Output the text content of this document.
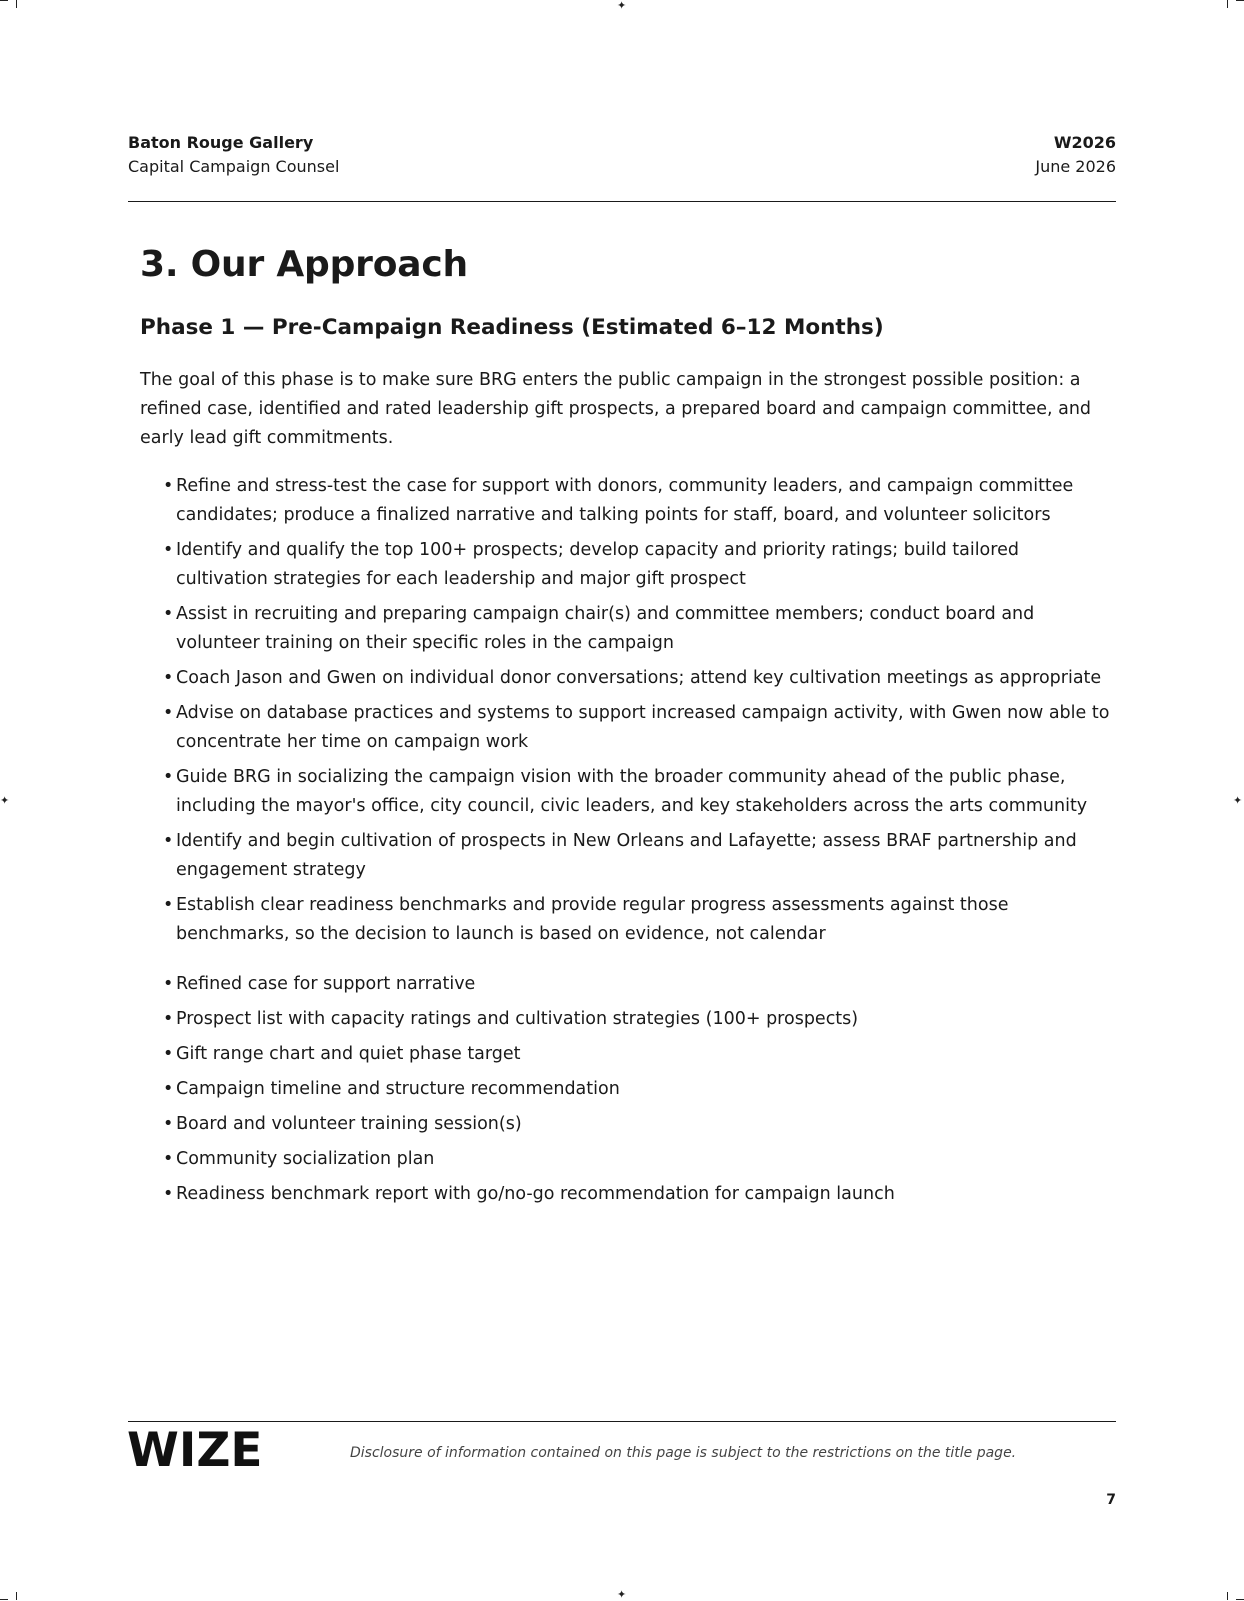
✦
✦
✦	✦
Baton Rouge Gallery
Capital Campaign Counsel
W2026
June 2026
3. Our Approach
Phase 1 — Pre-Campaign Readiness (Estimated 6–12 Months)

The goal of this phase is to make sure BRG enters the public campaign in the strongest possible position: a refined case, identified and rated leadership gift prospects, a prepared board and campaign committee, and early lead gift commitments.

• Refine and stress-test the case for support with donors, community leaders, and campaign committee candidates; produce a finalized narrative and talking points for staff, board, and volunteer solicitors
• Identify and qualify the top 100+ prospects; develop capacity and priority ratings; build tailored cultivation strategies for each leadership and major gift prospect
• Assist in recruiting and preparing campaign chair(s) and committee members; conduct board and volunteer training on their specific roles in the campaign
• Coach Jason and Gwen on individual donor conversations; attend key cultivation meetings as appropriate
• Advise on database practices and systems to support increased campaign activity, with Gwen now able to concentrate her time on campaign work
• Guide BRG in socializing the campaign vision with the broader community ahead of the public phase, including the mayor's office, city council, civic leaders, and key stakeholders across the arts community
• Identify and begin cultivation of prospects in New Orleans and Lafayette; assess BRAF partnership and engagement strategy
• Establish clear readiness benchmarks and provide regular progress assessments against those benchmarks, so the decision to launch is based on evidence, not calendar
• Refined case for support narrative
• Prospect list with capacity ratings and cultivation strategies (100+ prospects)
• Gift range chart and quiet phase target
• Campaign timeline and structure recommendation
• Board and volunteer training session(s)
• Community socialization plan
• Readiness benchmark report with go/no-go recommendation for campaign launch
WIZE	Disclosure of information contained on this page is subject to the restrictions on the title page.
7
